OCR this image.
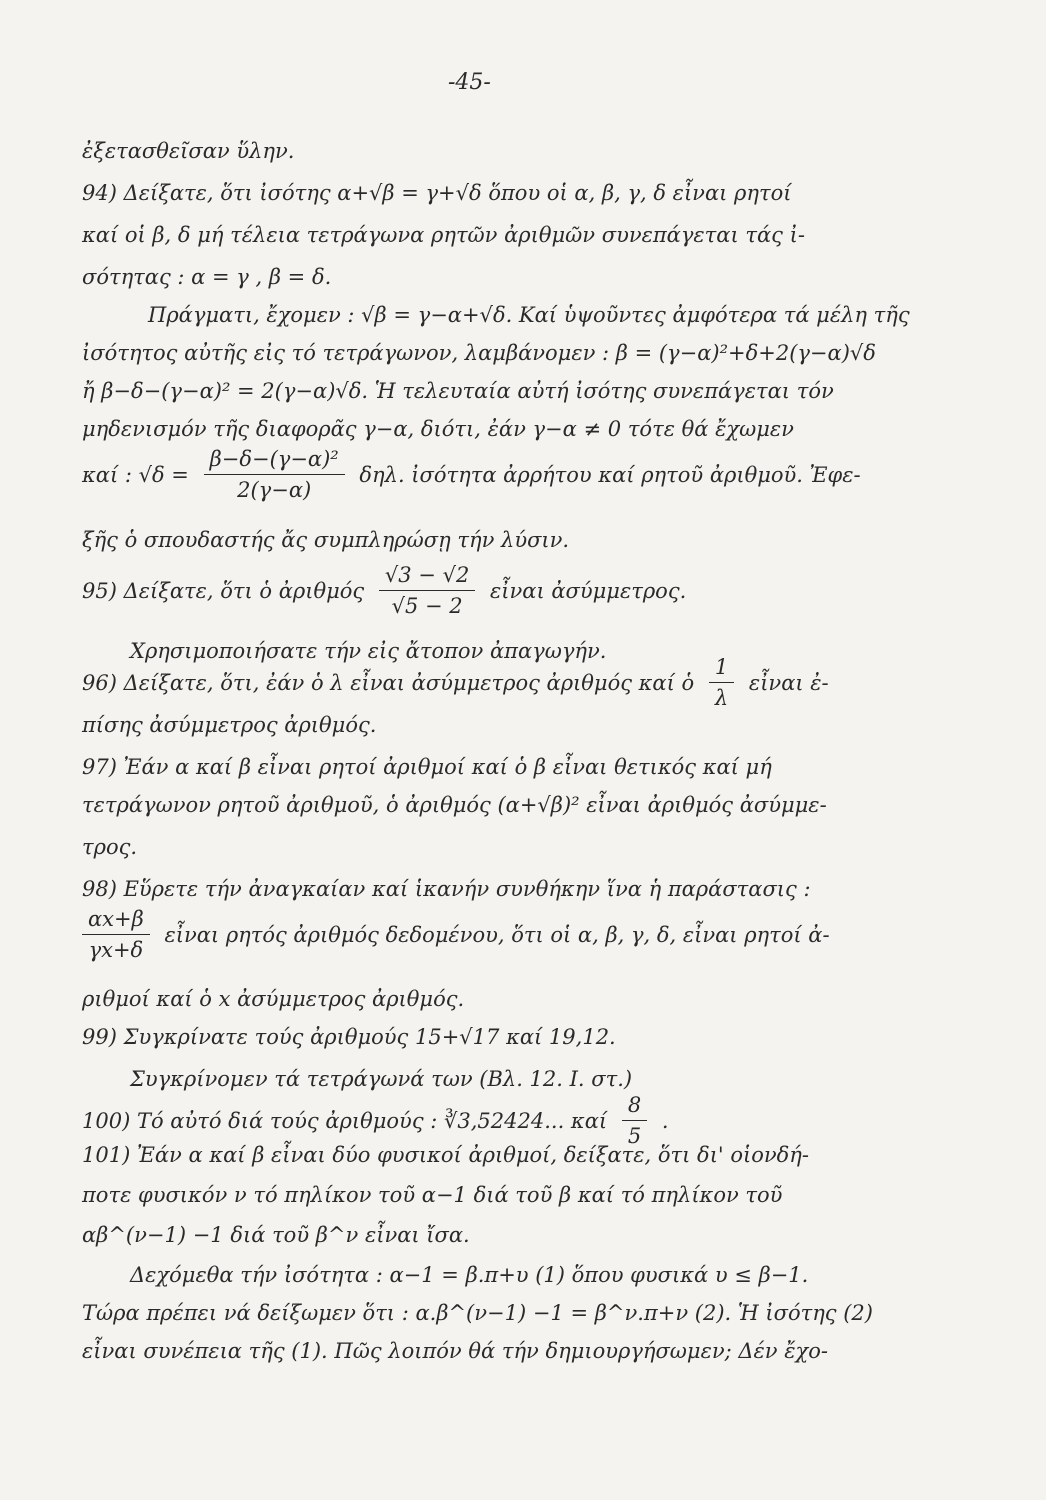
-45-
ἐξετασθεῖσαν ὕλην.
94) Δείξατε, ὅτι ἰσότης α+√β = γ+√δ ὅπου οἱ α, β, γ, δ εἶναι ρητοί
καί οἱ β, δ μή τέλεια τετράγωνα ρητῶν ἀριθμῶν συνεπάγεται τάς ἰ-
σότητας : α = γ , β = δ.
Πράγματι, ἔχομεν : √β = γ−α+√δ. Καί ὑψοῦντες ἀμφότερα τά μέλη τῆς
ἰσότητος αὐτῆς εἰς τό τετράγωνον, λαμβάνομεν : β = (γ−α)²+δ+2(γ−α)√δ
ἤ β−δ−(γ−α)² = 2(γ−α)√δ. Ἡ τελευταία αὐτή ἰσότης συνεπάγεται τόν
μηδενισμόν τῆς διαφορᾶς γ−α, διότι, ἐάν γ−α ≠ 0 τότε θά ἔχωμεν
καί : $√\delta = \frac{\text{β−δ−(γ−α)²}}{2(\gamma-\alpha)} \delta\eta\lambda$. ἰσότητα ἀρρήτου καί ρητοῦ ἀριθμοῦ. Ἐφε-
ξῆς ὁ σπουδαστής ἄς συμπληρώσῃ τήν λύσιν.
95) Δείξατε, ὅτι ὁ ἀριθμός $\frac{√3 - √2}{√5 - 2}$ εἶναι ἀσύμμετρος.
Χρησιμοποιήσατε τήν εἰς ἄτοπον ἀπαγωγήν.
96) Δείξατε, ὅτι, ἐάν ὁ λ εἶναι ἀσύμμετρος ἀριθμός καί ὁ $\frac{1}{\lambda}$ εἶναι ἐ-
πίσης ἀσύμμετρος ἀριθμός.
97) Ἐάν α καί β εἶναι ρητοί ἀριθμοί καί ὁ β εἶναι θετικός καί μή
τετράγωνον ρητοῦ ἀριθμοῦ, ὁ ἀριθμός (α+√β)² εἶναι ἀριθμός ἀσύμμε-
τρος.
98) Εὕρετε τήν ἀναγκαίαν καί ἱκανήν συνθήκην ἵνα ἡ παράστασις :
$\frac{\alpha x+\beta}{\gamma x+\delta}$ εἶναι ρητός ἀριθμός δεδομένου, ὅτι οἱ α, β, γ, δ, εἶναι ρητοί ἀ-
ριθμοί καί ὁ x ἀσύμμετρος ἀριθμός.
99) Συγκρίνατε τούς ἀριθμούς 15+√17 καί 19,12.
Συγκρίνομεν τά τετράγωνά των (Βλ. 12. I. στ.)
100) Τό αὐτό διά τούς ἀριθμούς : ∛3,52424... καί $\frac{8}{5}$ .
101) Ἐάν α καί β εἶναι δύο φυσικοί ἀριθμοί, δείξατε, ὅτι δι' οἱονδή-
ποτε φυσικόν ν τό πηλίκον τοῦ α−1 διά τοῦ β καί τό πηλίκον τοῦ
αβ^(ν−1) −1 διά τοῦ β^ν εἶναι ἴσα.
Δεχόμεθα τήν ἰσότητα : α−1 = β.π+υ (1) ὅπου φυσικά υ ≤ β−1.
Τώρα πρέπει νά δείξωμεν ὅτι : α.β^(ν−1) −1 = β^ν.π+ν (2). Ἡ ἰσότης (2)
εἶναι συνέπεια τῆς (1). Πῶς λοιπόν θά τήν δημιουργήσωμεν; Δέν ἔχο-
